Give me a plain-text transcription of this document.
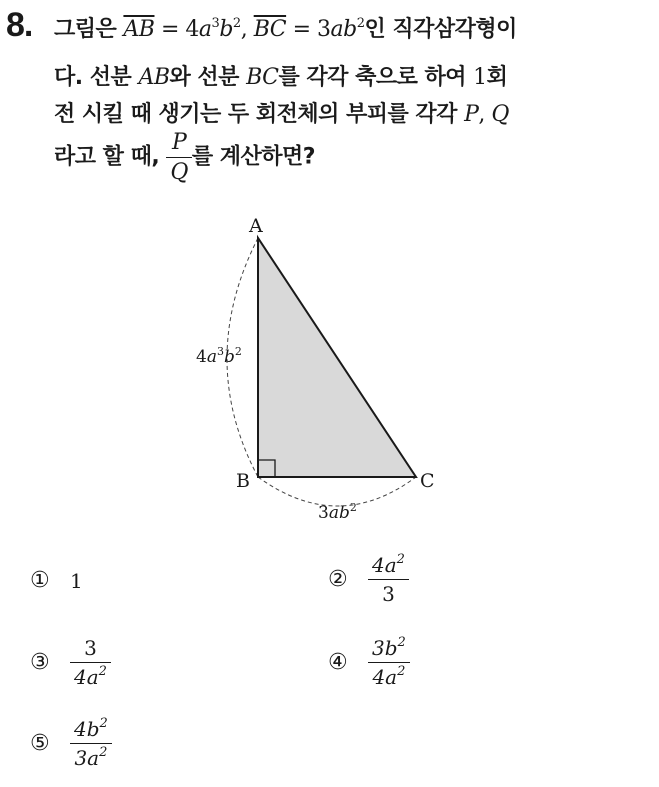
8. 그림은 $\overline{AB} = 4a^3b^2$, $\overline{BC} = 3ab^2$인 직각삼각형이
다. 선분 AB와 선분 BC를 각각 축으로 하여 1회
전 시킬 때 생기는 두 회전체의 부피를 각각 P, Q
라고 할 때, $\frac{P}{Q}$ 를 계산하면?
A
B	C
$4a^3b^2$
$3ab^2$
①	1	②	$\frac{4a^2}{3}$
③	$\frac{3}{4a^2}$	④	$\frac{3b^2}{4a^2}$
⑤	$\frac{4b^2}{3a^2}$
